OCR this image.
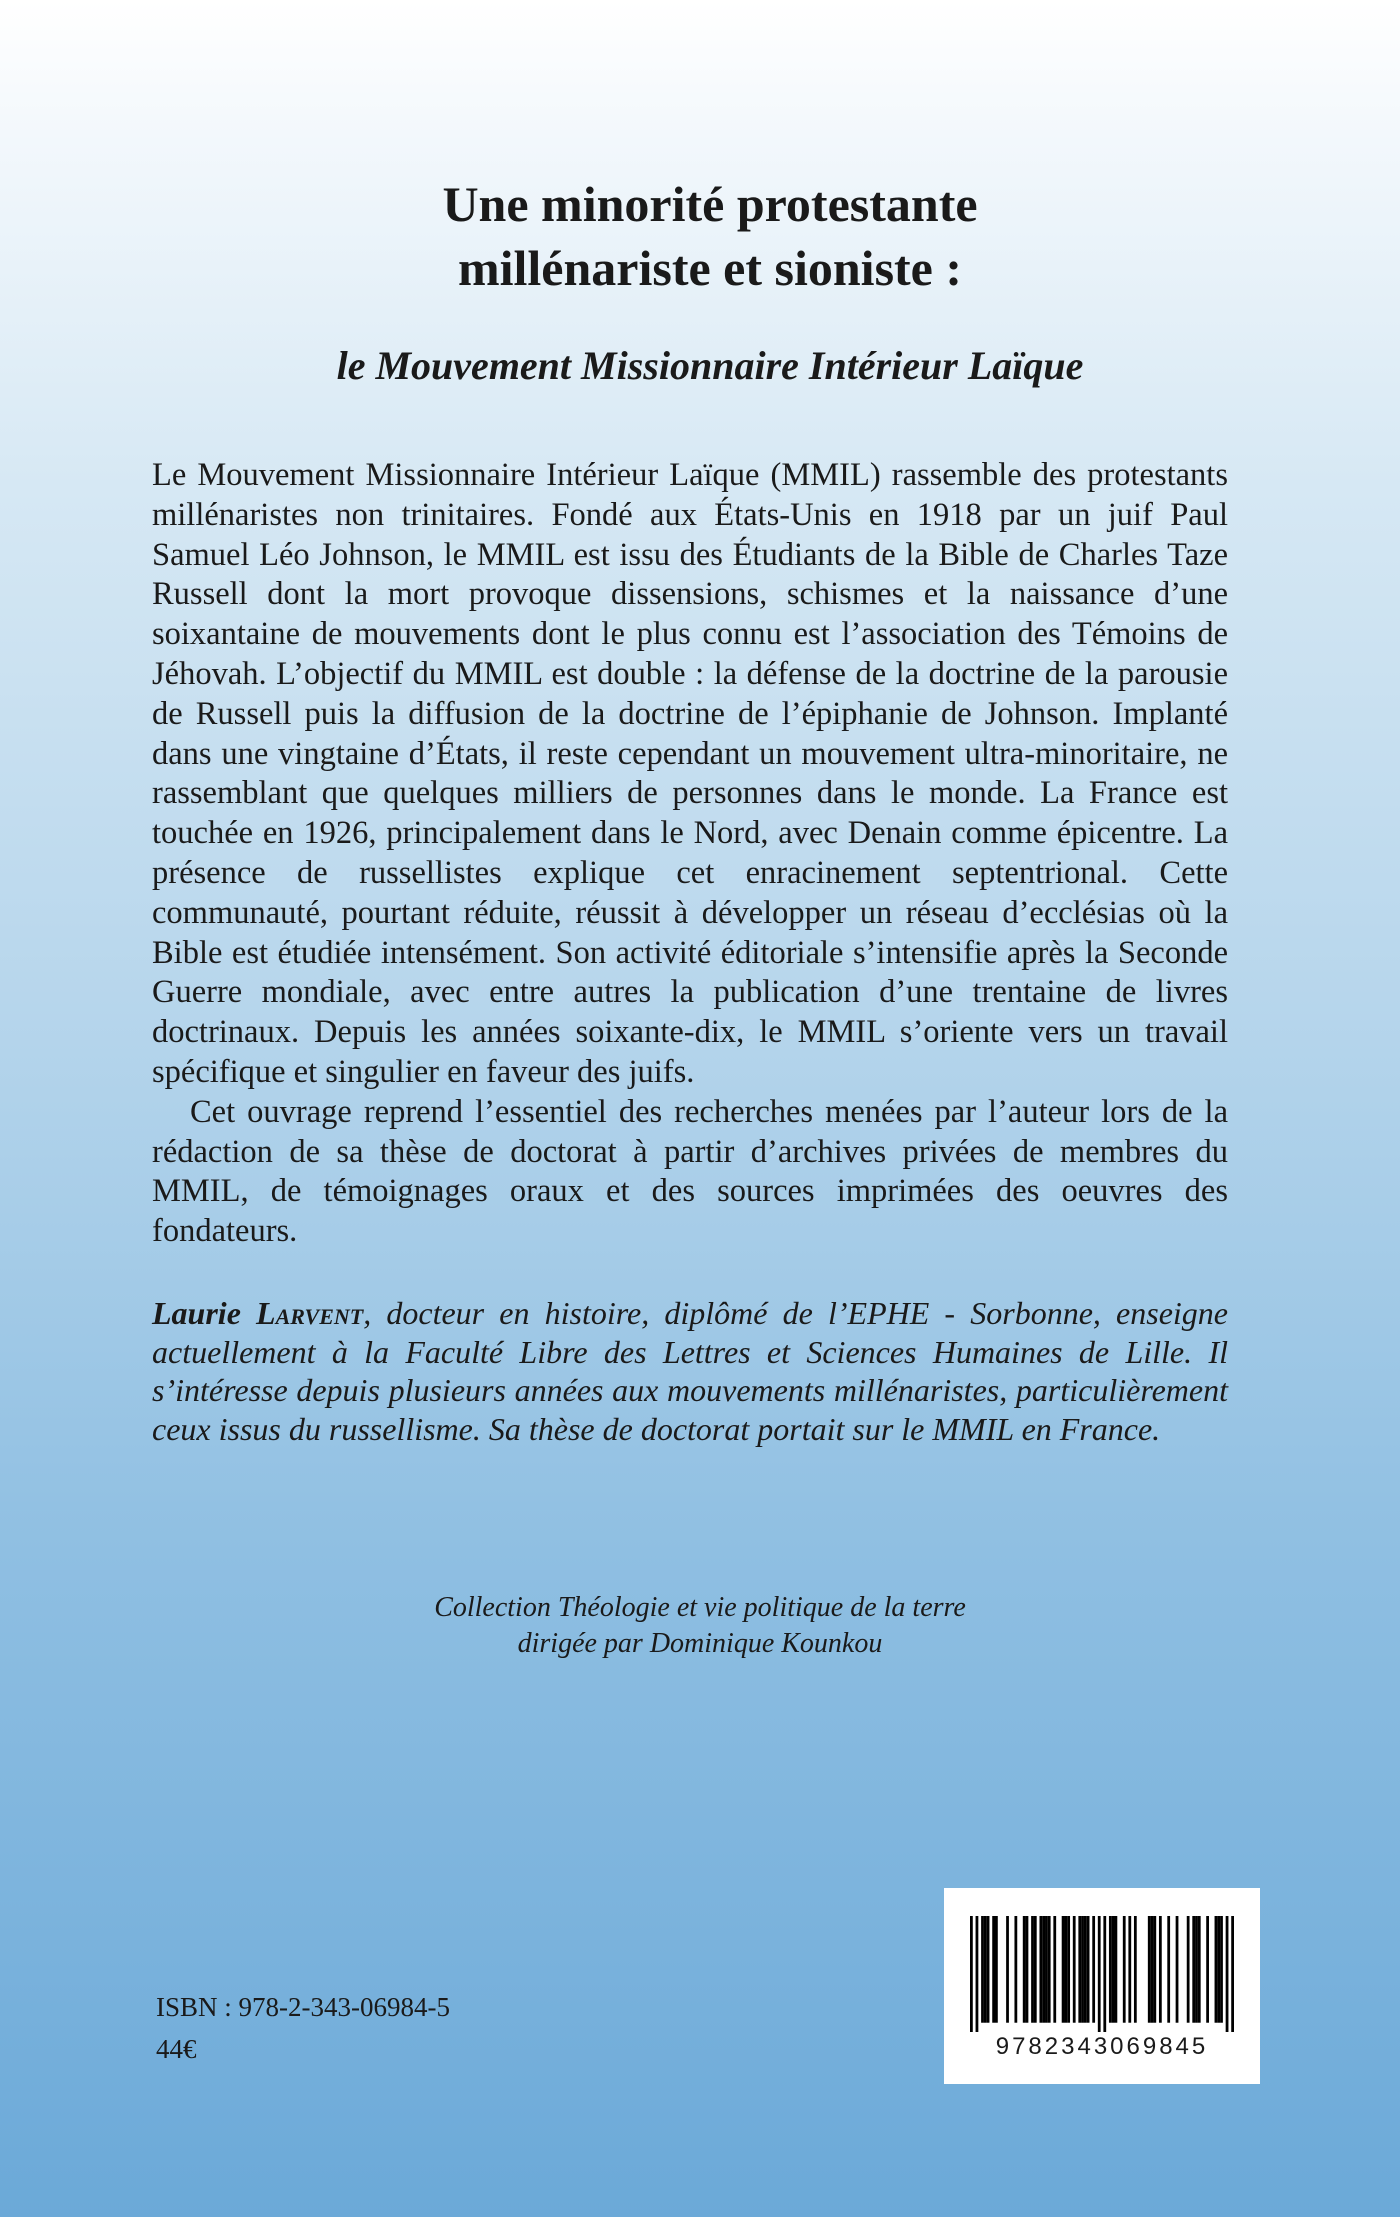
Une minorité protestante
millénariste et sioniste :
le Mouvement Missionnaire Intérieur Laïque

Le Mouvement Missionnaire Intérieur Laïque (MMIL) rassemble des protestants millénaristes non trinitaires. Fondé aux États-Unis en 1918 par un juif Paul Samuel Léo Johnson, le MMIL est issu des Étudiants de la Bible de Charles Taze Russell dont la mort provoque dissensions, schismes et la naissance d’une soixantaine de mouvements dont le plus connu est l’association des Témoins de Jéhovah. L’objectif du MMIL est double : la défense de la doctrine de la parousie de Russell puis la diffusion de la doctrine de l’épiphanie de Johnson. Implanté dans une vingtaine d’États, il reste cependant un mouvement ultra-minoritaire, ne rassemblant que quelques milliers de personnes dans le monde. La France est touchée en 1926, principalement dans le Nord, avec Denain comme épicentre. La présence de russellistes explique cet enracinement septentrional. Cette communauté, pourtant réduite, réussit à développer un réseau d’ecclésias où la Bible est étudiée intensément. Son activité éditoriale s’intensifie après la Seconde Guerre mondiale, avec entre autres la publication d’une trentaine de livres doctrinaux. Depuis les années soixante-dix, le MMIL s’oriente vers un travail spécifique et singulier en faveur des juifs.

Cet ouvrage reprend l’essentiel des recherches menées par l’auteur lors de la rédaction de sa thèse de doctorat à partir d’archives privées de membres du MMIL, de témoignages oraux et des sources imprimées des oeuvres des fondateurs.

Laurie Larvent, docteur en histoire, diplômé de l’EPHE - Sorbonne, enseigne actuellement à la Faculté Libre des Lettres et Sciences Humaines de Lille. Il s’intéresse depuis plusieurs années aux mouvements millénaristes, particulièrement ceux issus du russellisme. Sa thèse de doctorat portait sur le MMIL en France.
Collection Théologie et vie politique de la terre
dirigée par Dominique Kounkou
ISBN : 978-2-343-06984-5
44€	9782343069845
